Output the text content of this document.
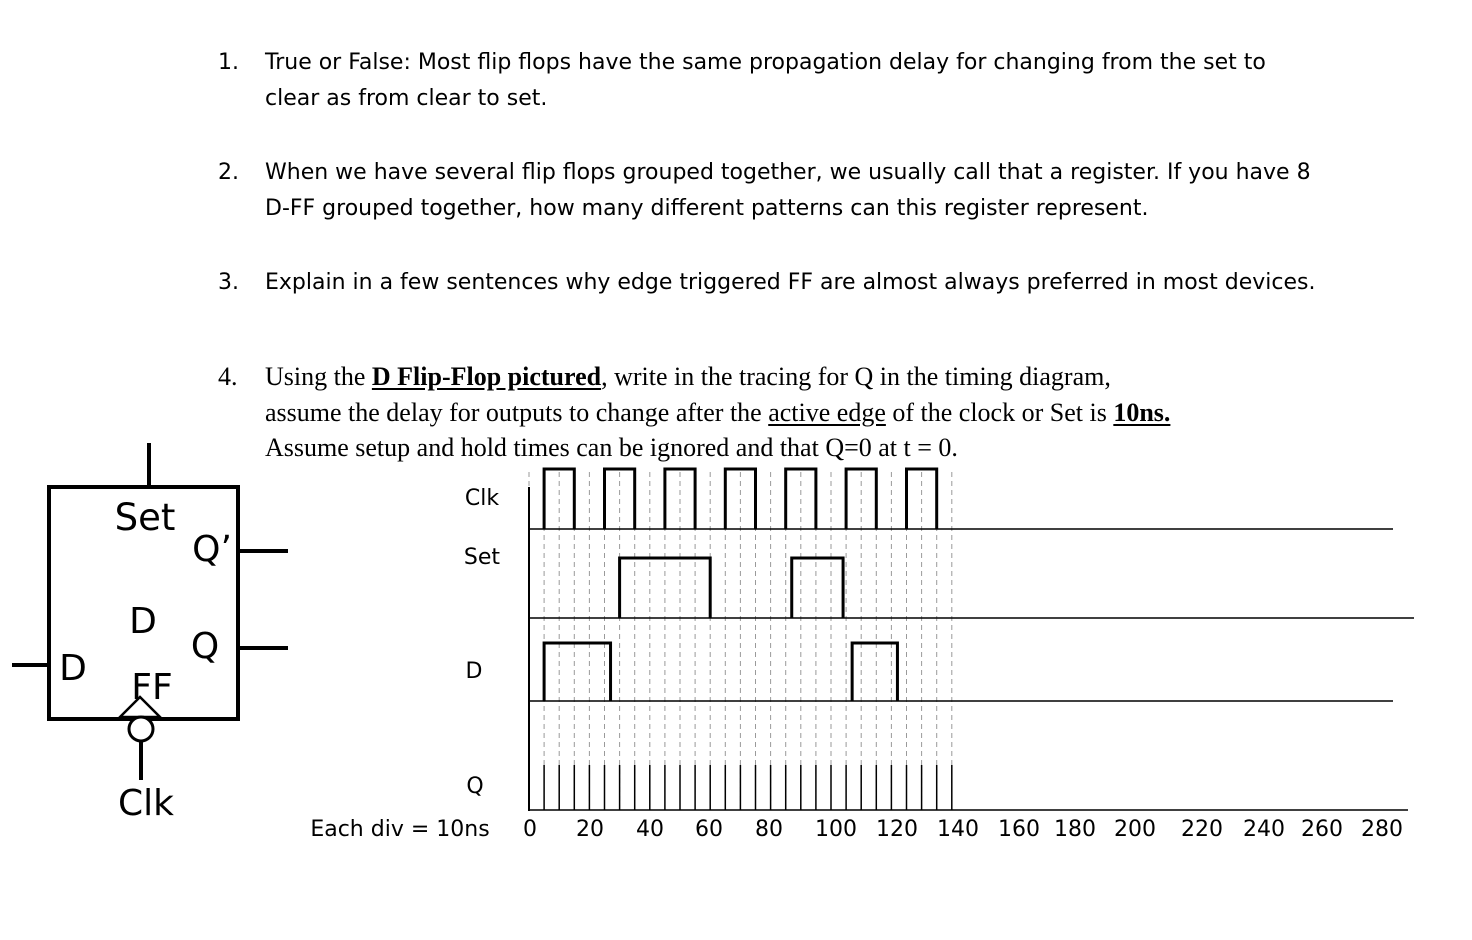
1.	True or False: Most flip flops have the same propagation delay for changing from the set to
clear as from clear to set.
2.	When we have several flip flops grouped together, we usually call that a register. If you have 8
D-FF grouped together, how many different patterns can this register represent.
3.	Explain in a few sentences why edge triggered FF are almost always preferred in most devices.
4.	Using the D Flip-Flop pictured, write in the tracing for Q in the timing diagram,
assume the delay for outputs to change after the active edge of the clock or Set is 10ns.
Assume setup and hold times can be ignored and that Q=0 at t = 0.
Set
Q’
D
Q
D FF
Clk
Clk
Set
D
Q
Each div = 10ns 0 20 40 60 80 100 120 140 160 180 200 220 240 260 280
